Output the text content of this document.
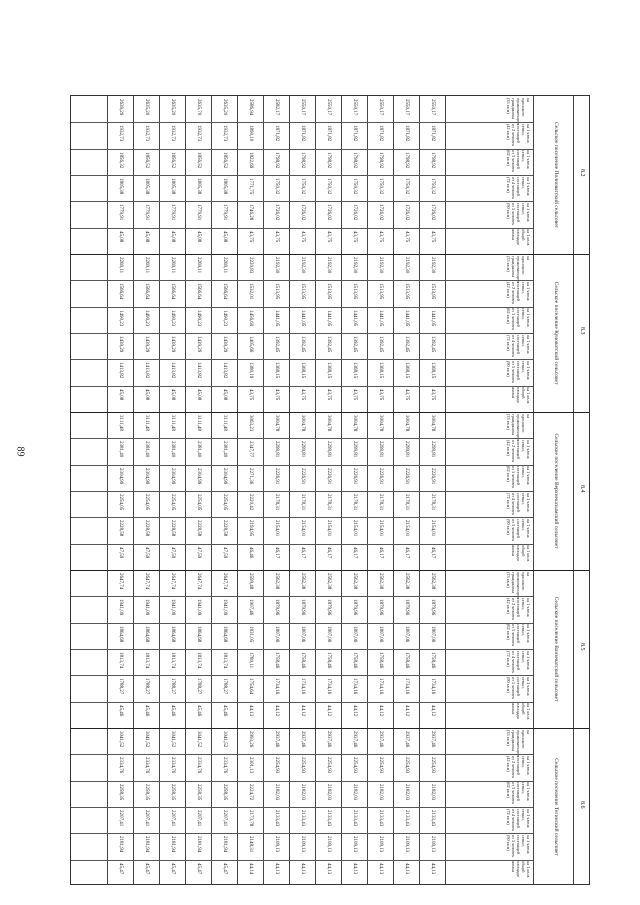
89
8.2
Сельское поселение Полноватский сельсовет
на одинокого проживающего гражданина (33 кв.м)
2550,17
2550,17
2550,17
2550,17
2550,17
2550,17
2582,17
2586,94
2635,20
2635,70
2635,20
2635,20
2639,29
на 1 члена семьи, состоящей из 2 человек (42 кв.м)
1871,82
1871,82
1871,82
1871,82
1871,82
1871,82
1871,82
1890,10
1932,73
1932,73
1932,73
1932,73
1932,73
на 1 члена семьи, состоящей из 3 человек (62 кв.м)
1798,92
1798,92
1798,92
1798,92
1798,92
1798,92
1798,92
1822,69
1856,52
1856,52
1856,52
1856,52
1856,32
на 1 члена семьи, состоящей из 4 человек (72 кв.м)
1750,32
1750,32
1750,32
1750,32
1750,32
1750,32
1750,32
1771,75
1805,38
1805,38
1805,38
1805,38
1805,38
на 1 члена семьи, состоящей из 5 человек (90 кв.м)
1726,02
1726,02
1726,02
1726,02
1726,02
1726,02
1726,02
1746,28
1779,91
1779,91
1779,91
1779,91
1779,91
на 1 кв.м. общей площади жилья
43,75
43,75
43,75
43,75
43,75
43,75
43,75
43,75
45,08
45,08
45,08
45,08
45,08
8.3
Сельское поселение Куноватский сельсовет
на одинокого проживающего гражданина (33 кв.м)
2192,30
2192,30
2192,30
2192,30
2192,30
2192,30
2192,30
2220,83
2269,11
2269,11
2269,11
2269,11
2269,11
на 1 члена семьи, состоящей из 2 человек (42 кв.м)
1513,95
1513,95
1513,95
1513,95
1513,95
1513,95
1513,95
1532,01
1566,64
1566,64
1566,64
1566,64
1566,64
на 1 члена семьи, состоящей из 3 человек (62 кв.м)
1441,05
1441,05
1441,05
1441,05
1441,05
1441,05
1441,05
1456,60
1490,23
1490,23
1490,23
1490,23
1490,23
на 1 члена семьи, состоящей из 4 человек (72 кв.м)
1392,45
1392,45
1392,45
1392,45
1392,45
1392,45
1392,45
1405,66
1439,29
1439,29
1439,29
1439,29
1439,29
на 1 члена семьи, состоящей из 5 человек (90 кв.м)
1368,15
1368,15
1368,15
1368,15
1368,15
1368,15
1368,15
1380,19
1413,82
1413,82
1413,82
1413,82
1413,82
на 1 кв.м. общей площади жилья
43,75
43,75
43,75
43,75
43,75
43,75
43,75
43,75
45,08
45,08
45,08
45,08
45,08
8.4
Сельское поселение Верхнеказымский сельсовет
на одинокого проживающего гражданина (33 кв.м)
3004,78
3004,78
3004,78
3004,78
3004,78
3004,78
3004,78
3063,23
3111,48
3111,48
3111,48
3111,48
3111,48
на 1 члена семьи, состоящей из 2 человек (42 кв.м)
2299,81
2299,81
2299,81
2299,81
2299,81
2299,81
2299,81
2347,77
2381,40
2381,40
2381,40
2381,40
2381,40
на 1 члена семьи, состоящей из 3 человек (62 кв.м)
2226,91
2226,91
2226,91
2226,91
2226,91
2226,91
2226,91
2271,36
2304,99
2304,99
2304,99
2304,99
2304,99
на 1 члена семьи, состоящей из 4 человек (72 кв.м)
2178,31
2178,31
2178,31
2178,31
2178,31
2178,31
2178,31
2220,42
2254,05
2254,05
2254,05
2254,05
2254,05
на 1 члена семьи, состоящей из 5 человек (90 кв.м)
2154,01
2154,01
2154,01
2154,01
2154,01
2154,01
2154,01
2194,95
2228,58
2228,58
2228,58
2228,58
2228,58
на 1 кв.м. общей площади жилья
46,17
46,17
46,17
46,17
46,17
46,17
46,17
46,46
47,59
47,59
47,59
47,59
47,59
8.5
Сельское поселение Ванзеватский сельсовет
на одинокого проживающего гражданина (33 кв.м)
2562,38
2562,38
2562,38
2562,38
2562,38
2562,38
2562,38
2599,48
2647,74
2647,74
2647,74
2647,74
2647,74
на 1 члена семьи, состоящей из 2 человек (42 кв.м)
1879,96
1879,96
1879,96
1879,96
1879,96
1879,96
1879,96
1907,46
1941,09
1941,09
1941,09
1941,09
1941,09
на 1 члена семьи, состоящей из 3 человек (62 кв.м)
1807,06
1807,06
1807,06
1807,06
1807,06
1807,06
1807,06
1831,05
1864,68
1864,68
1864,68
1864,68
1864,68
на 1 члена семьи, состоящей из 4 человек (72 кв.м)
1758,46
1758,46
1758,46
1758,46
1758,46
1758,46
1758,46
1780,11
1813,74
1813,74
1813,74
1813,74
1813,74
на 1 члена семьи, состоящей из 5 человек (90 кв.м)
1734,16
1734,16
1734,16
1734,16
1734,16
1734,16
1734,16
1754,64
1788,27
1788,27
1788,27
1788,27
1788,27
на 1 кв.м. общей площади жилья
44,12
44,12
44,12
44,12
44,12
44,12
44,12
44,13
45,46
45,46
45,46
45,46
45,46
8.6
Сельское поселение Тегинский сельсовет
на одинокого проживающего гражданина (33 кв.м)
2937,46
2937,46
2937,46
2937,46
2937,46
2937,46
2937,46
2993,26
3041,52
3041,52
3041,52
3041,52
3041,52
на 1 члена семьи, состоящей из 2 человек (42 кв.м)
2254,93
2254,93
2254,93
2254,93
2254,93
2254,93
2254,93
2301,13
2334,76
2334,76
2334,76
2334,76
2334,76
на 1 члена семьи, состоящей из 3 человек (62 кв.м)
2182,03
2182,03
2182,03
2182,03
2182,03
2182,03
2182,03
2224,72
2258,35
2258,35
2258,35
2258,35
2258,35
на 1 члена семьи, состоящей из 4 человек (72 кв.м)
2133,43
2133,43
2133,43
2133,43
2133,43
2133,43
2133,43
2173,78
2207,41
2207,41
2207,41
2207,41
2207,41
на 1 члена семьи, состоящей из 5 человек (90 кв.м)
2109,13
2109,13
2109,13
2109,13
2109,13
2109,13
2109,13
2148,31
2181,94
2181,94
2181,94
2181,94
2181,94
на 1 кв.м. общей площади жилья
44,13
44,13
44,13
44,13
44,13
44,13
44,13
44,14
45,47
45,47
45,47
45,47
45,47
